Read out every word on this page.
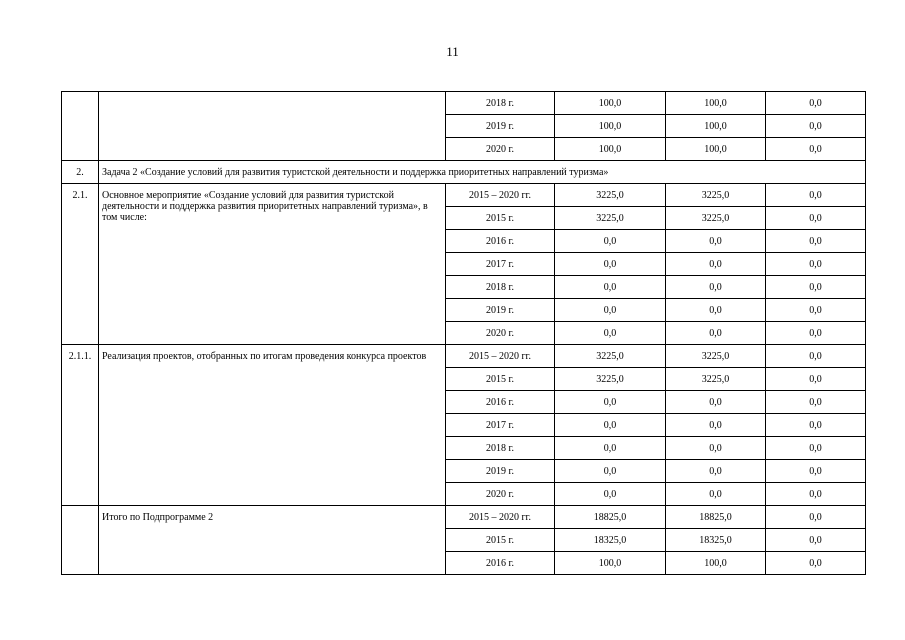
11
		2018 г.	100,0	100,0	0,0
		2019 г.	100,0	100,0	0,0
		2020 г.	100,0	100,0	0,0
2.	Задача 2 «Создание условий для развития туристской деятельности и поддержка приоритетных направлений туризма»				
2.1.	Основное мероприятие «Создание условий для развития туристской деятельности и поддержка развития приоритетных направлений туризма», в том числе:	2015 – 2020 гг.	3225,0	3225,0	0,0
		2015 г.	3225,0	3225,0	0,0
		2016 г.	0,0	0,0	0,0
		2017 г.	0,0	0,0	0,0
		2018 г.	0,0	0,0	0,0
		2019 г.	0,0	0,0	0,0
		2020 г.	0,0	0,0	0,0
2.1.1.	Реализация проектов, отобранных по итогам проведения конкурса проектов	2015 – 2020 гг.	3225,0	3225,0	0,0
		2015 г.	3225,0	3225,0	0,0
		2016 г.	0,0	0,0	0,0
		2017 г.	0,0	0,0	0,0
		2018 г.	0,0	0,0	0,0
		2019 г.	0,0	0,0	0,0
		2020 г.	0,0	0,0	0,0
	Итого по Подпрограмме 2	2015 – 2020 гг.	18825,0	18825,0	0,0
		2015 г.	18325,0	18325,0	0,0
		2016 г.	100,0	100,0	0,0
